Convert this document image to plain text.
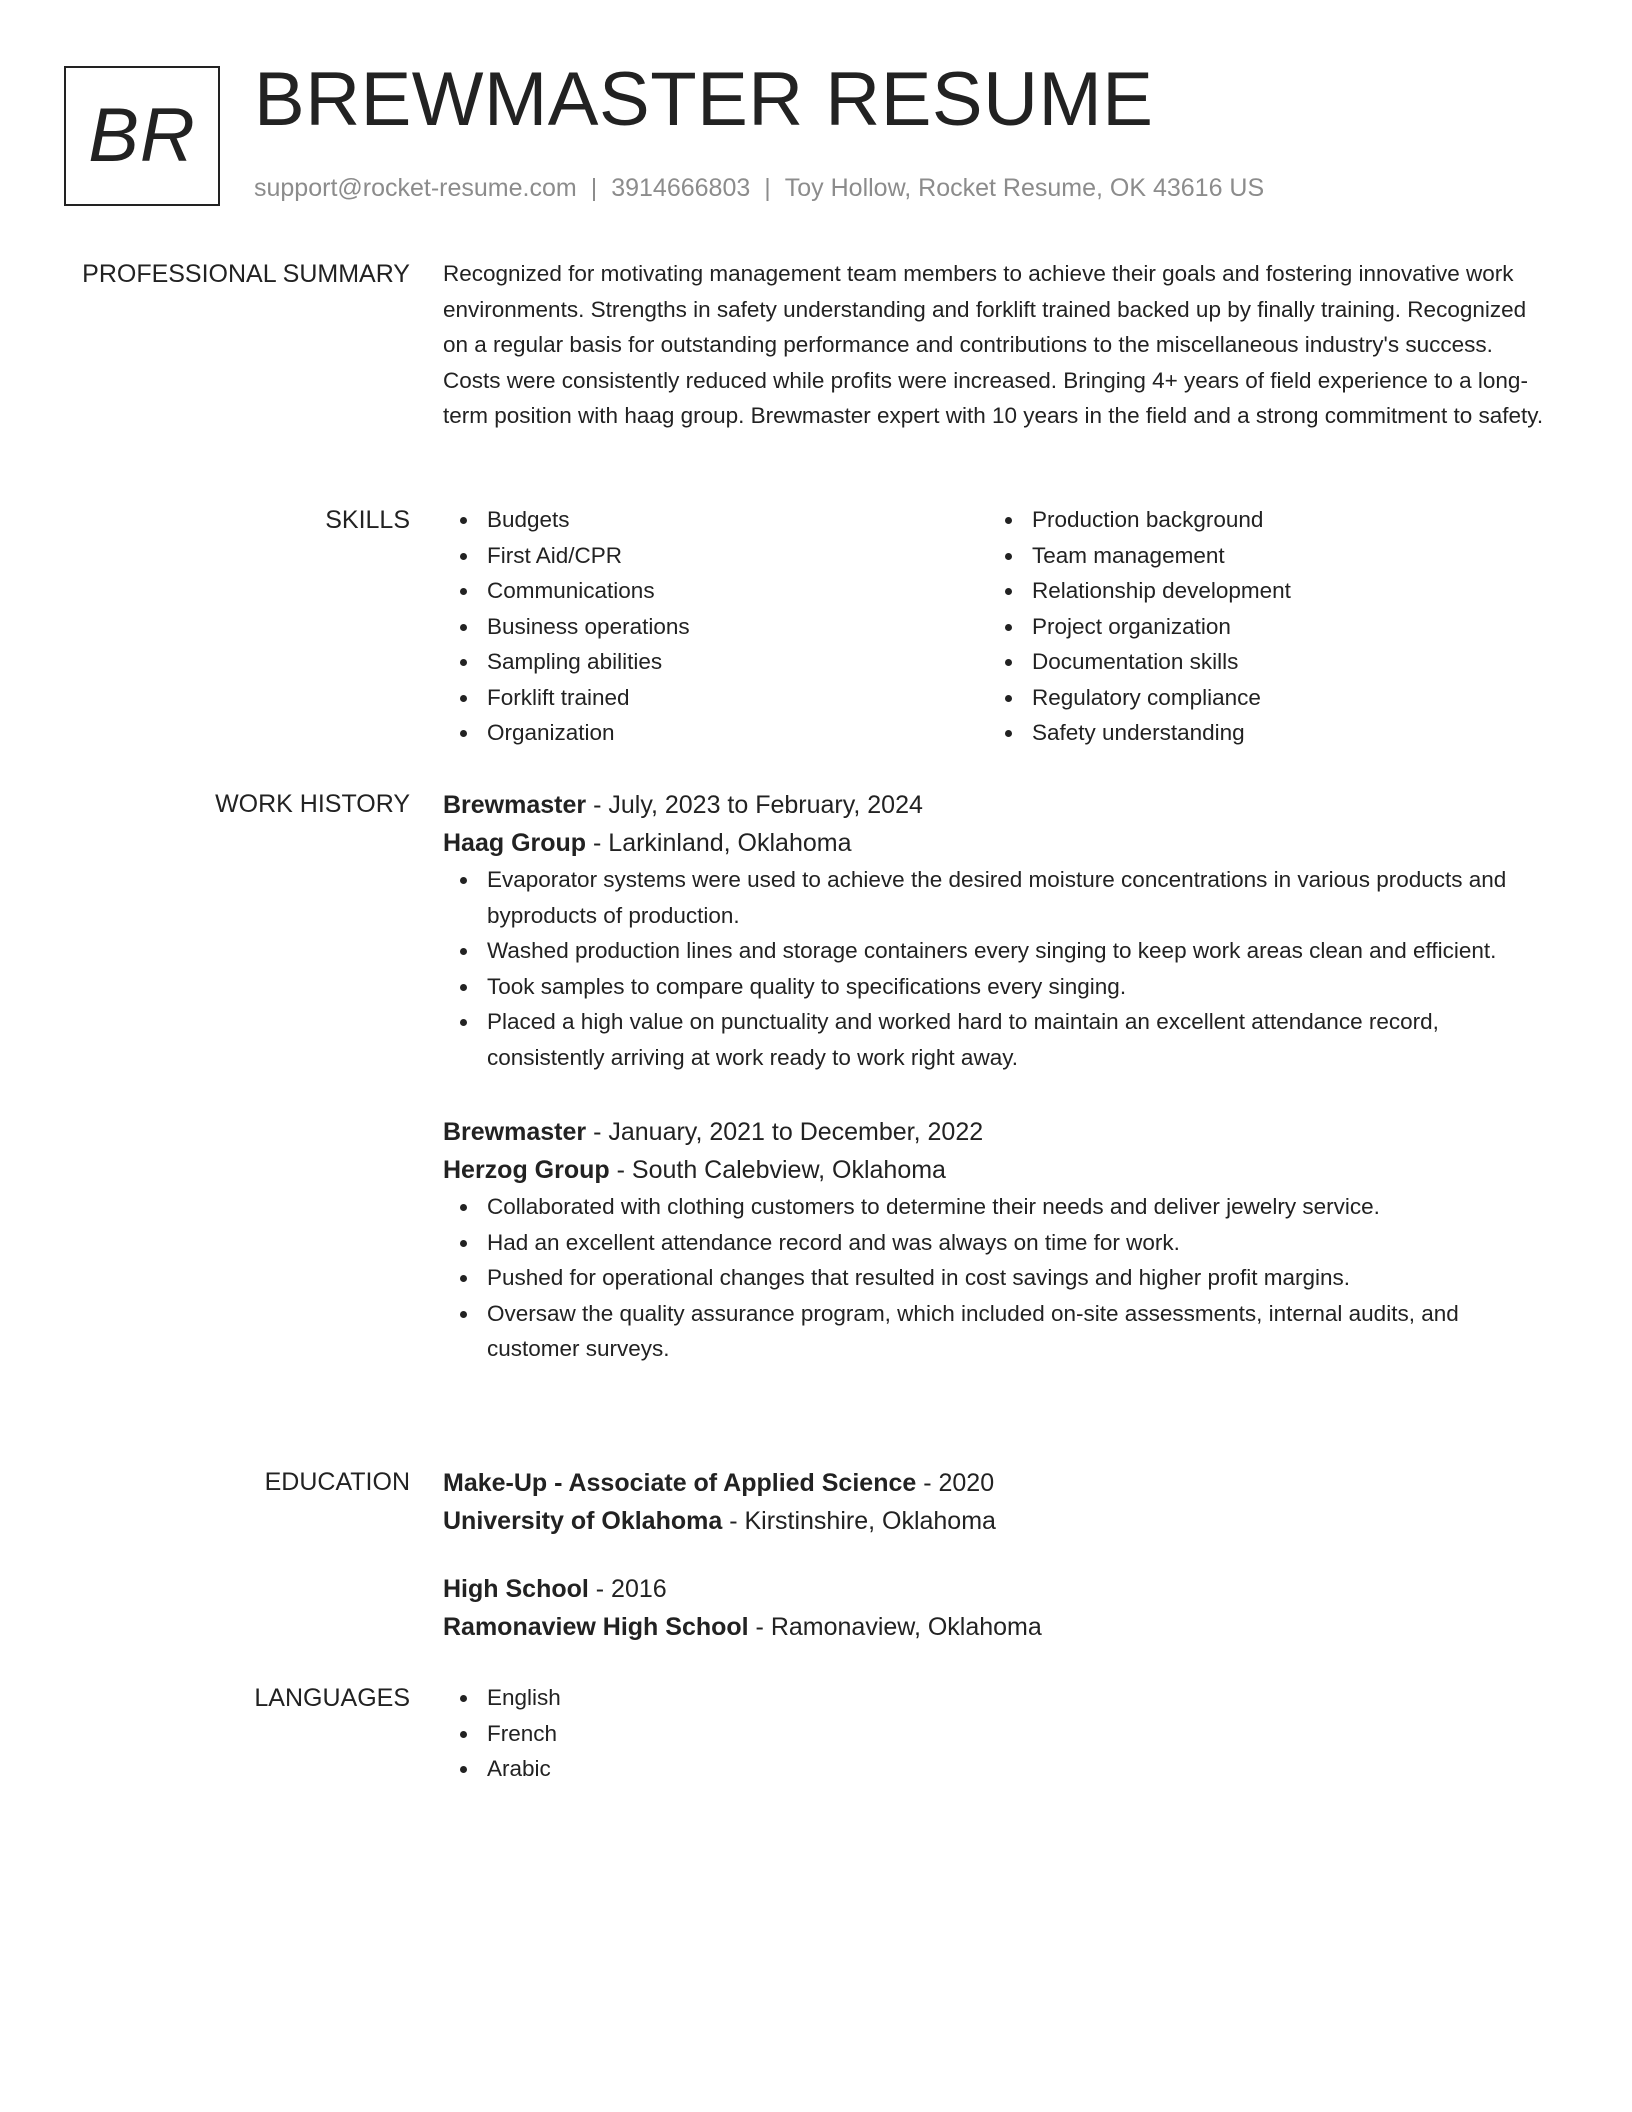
BR BREWMASTER RESUME
support@rocket-resume.com | 3914666803 | Toy Hollow, Rocket Resume, OK 43616 US
PROFESSIONAL SUMMARY Recognized for motivating management team members to achieve their goals and fostering innovative work environments. Strengths in safety understanding and forklift trained backed up by finally training. Recognized on a regular basis for outstanding performance and contributions to the miscellaneous industry's success. Costs were consistently reduced while profits were increased. Bringing 4+ years of field experience to a long-term position with haag group. Brewmaster expert with 10 years in the field and a strong commitment to safety.

SKILLS	Budgets
First Aid/CPR
Communications
Business operations
Sampling abilities
Forklift trained
Organization
Production background
Team management
Relationship development
Project organization
Documentation skills
Regulatory compliance
Safety understanding
WORK HISTORY Brewmaster - July, 2023 to February, 2024
Haag Group - Larkinland, Oklahoma
Evaporator systems were used to achieve the desired moisture concentrations in various products and byproducts of production.
Washed production lines and storage containers every singing to keep work areas clean and efficient.
Took samples to compare quality to specifications every singing.
Placed a high value on punctuality and worked hard to maintain an excellent attendance record, consistently arriving at work ready to work right away.
Brewmaster - January, 2021 to December, 2022
Herzog Group - South Calebview, Oklahoma
Collaborated with clothing customers to determine their needs and deliver jewelry service.
Had an excellent attendance record and was always on time for work.
Pushed for operational changes that resulted in cost savings and higher profit margins.
Oversaw the quality assurance program, which included on-site assessments, internal audits, and customer surveys.
EDUCATION Make-Up - Associate of Applied Science - 2020
University of Oklahoma - Kirstinshire, Oklahoma
High School - 2016
Ramonaview High School - Ramonaview, Oklahoma
LANGUAGES	English
French
Arabic
